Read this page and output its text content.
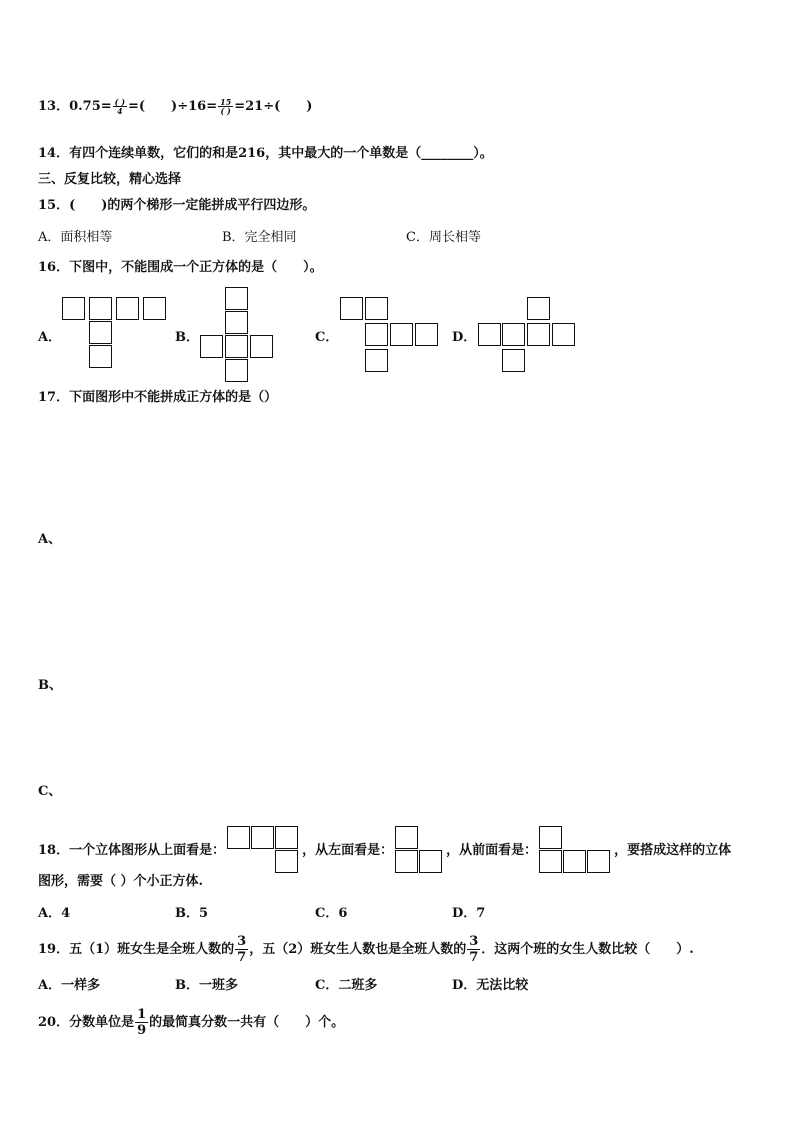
13．$0.75= \frac{( )}{4}$ =(　　)$\div 16= \frac{15}{( )} =21\div$(　　)
14．有四个连续单数，它们的和是216，其中最大的一个单数是（________）。
三、反复比较，精心选择
15．(　　)的两个梯形一定能拼成平行四边形。
A．面积相等	B．完全相同	C．周长相等
16．下图中，不能围成一个正方体的是（　　）。
A．	B．	C．	D．
17．下面图形中不能拼成正方体的是（）
A、
B、
C、
18．一个立体图形从上面看是：	，从左面看是：	，从前面看是：	，要搭成这样的立体
图形，需要（ ）个小正方体.
A．4	B．5	C．6	D．7
19．五（1）班女生是全班人数的 $\frac{3}{7}$ ，五（2）班女生人数也是全班人数的 $\frac{3}{7}$ ．这两个班的女生人数比较（　　）.
A．一样多	B．一班多	C．二班多	D．无法比较
20．分数单位是 $\frac{1}{9}$ 的最简真分数一共有（　　）个。
